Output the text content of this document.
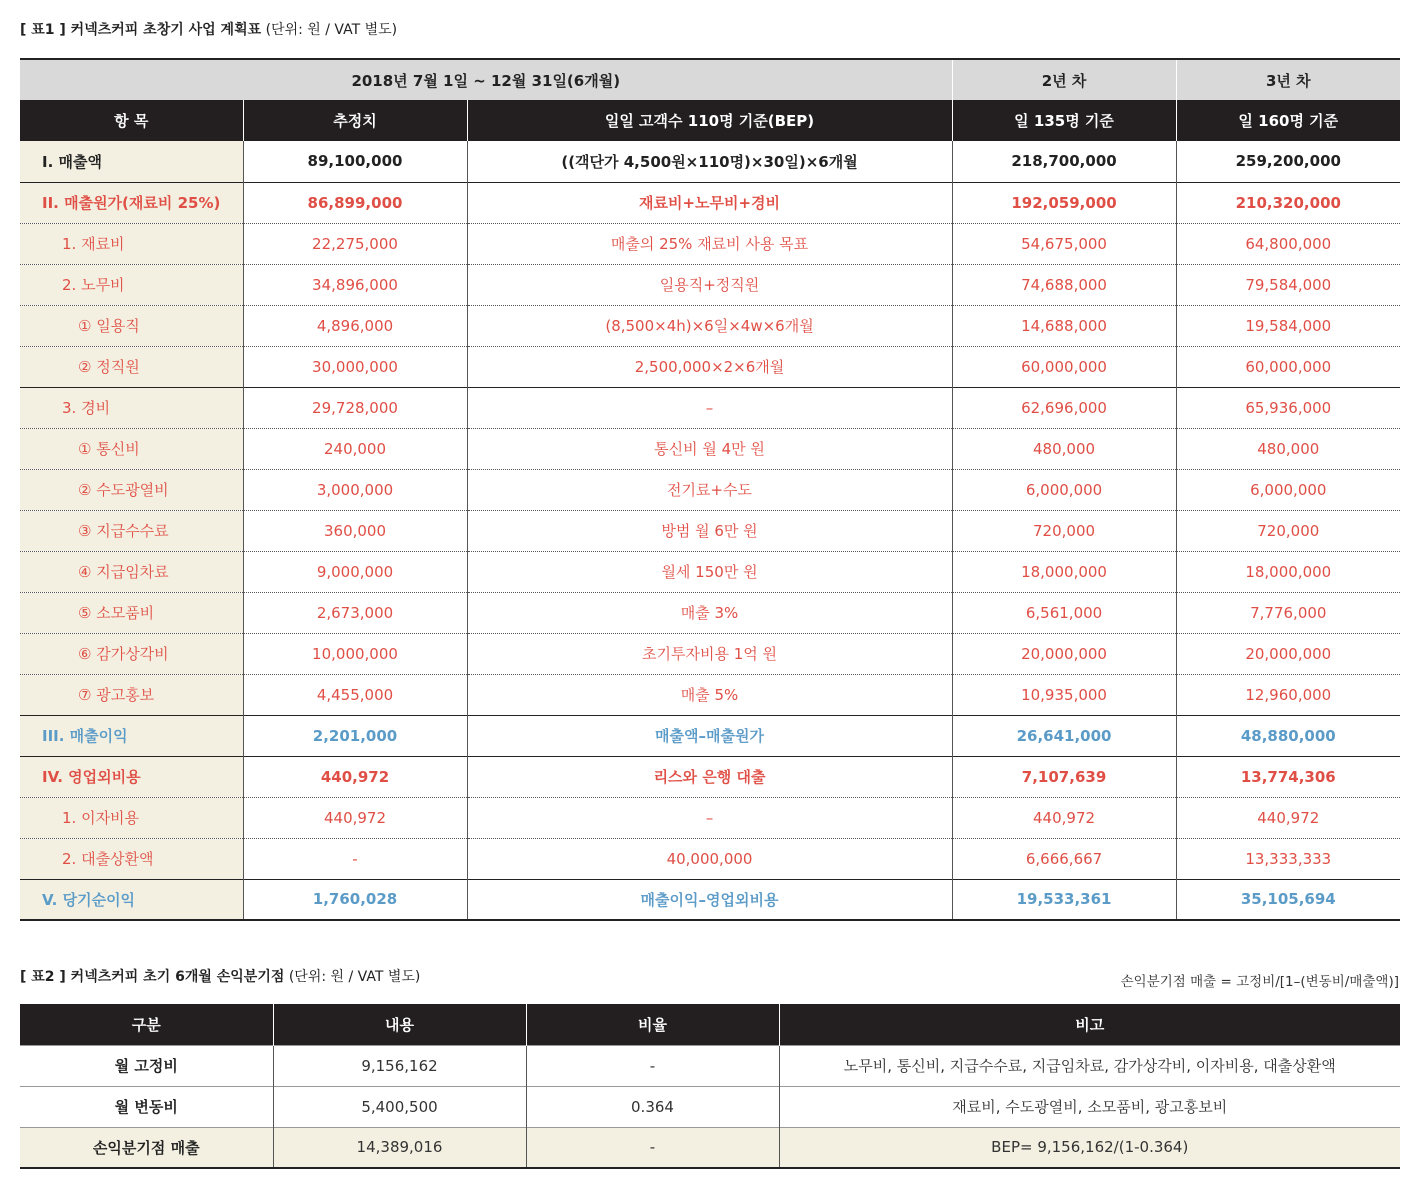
[ 표1 ] 커넥츠커피 초창기 사업 계획표 (단위: 원 / VAT 별도)
2018년 7월 1일 ~ 12월 31일(6개월)			2년 차	3년 차
항 목	추정치	일일 고객수 110명 기준(BEP)	일 135명 기준	일 160명 기준
I. 매출액	89,100,000	((객단가 4,500원×110명)×30일)×6개월	218,700,000	259,200,000
II. 매출원가(재료비 25%)	86,899,000	재료비+노무비+경비	192,059,000	210,320,000
1. 재료비	22,275,000	매출의 25% 재료비 사용 목표	54,675,000	64,800,000
2. 노무비	34,896,000	일용직+정직원	74,688,000	79,584,000
① 일용직	4,896,000	(8,500×4h)×6일×4w×6개월	14,688,000	19,584,000
② 정직원	30,000,000	2,500,000×2×6개월	60,000,000	60,000,000
3. 경비	29,728,000	–	62,696,000	65,936,000
① 통신비	240,000	통신비 월 4만 원	480,000	480,000
② 수도광열비	3,000,000	전기료+수도	6,000,000	6,000,000
③ 지급수수료	360,000	방범 월 6만 원	720,000	720,000
④ 지급임차료	9,000,000	월세 150만 원	18,000,000	18,000,000
⑤ 소모품비	2,673,000	매출 3%	6,561,000	7,776,000
⑥ 감가상각비	10,000,000	초기투자비용 1억 원	20,000,000	20,000,000
⑦ 광고홍보	4,455,000	매출 5%	10,935,000	12,960,000
III. 매출이익	2,201,000	매출액–매출원가	26,641,000	48,880,000
IV. 영업외비용	440,972	리스와 은행 대출	7,107,639	13,774,306
1. 이자비용	440,972	–	440,972	440,972
2. 대출상환액	-	40,000,000	6,666,667	13,333,333
V. 당기순이익	1,760,028	매출이익–영업외비용	19,533,361	35,105,694
[ 표2 ] 커넥츠커피 초기 6개월 손익분기점 (단위: 원 / VAT 별도)	손익분기점 매출 = 고정비/[1–(변동비/매출액)]
구분	내용	비율	비고
월 고정비	9,156,162	-	노무비, 통신비, 지급수수료, 지급임차료, 감가상각비, 이자비용, 대출상환액
월 변동비	5,400,500	0.364	재료비, 수도광열비, 소모품비, 광고홍보비
손익분기점 매출	14,389,016	-	BEP= 9,156,162/(1-0.364)
